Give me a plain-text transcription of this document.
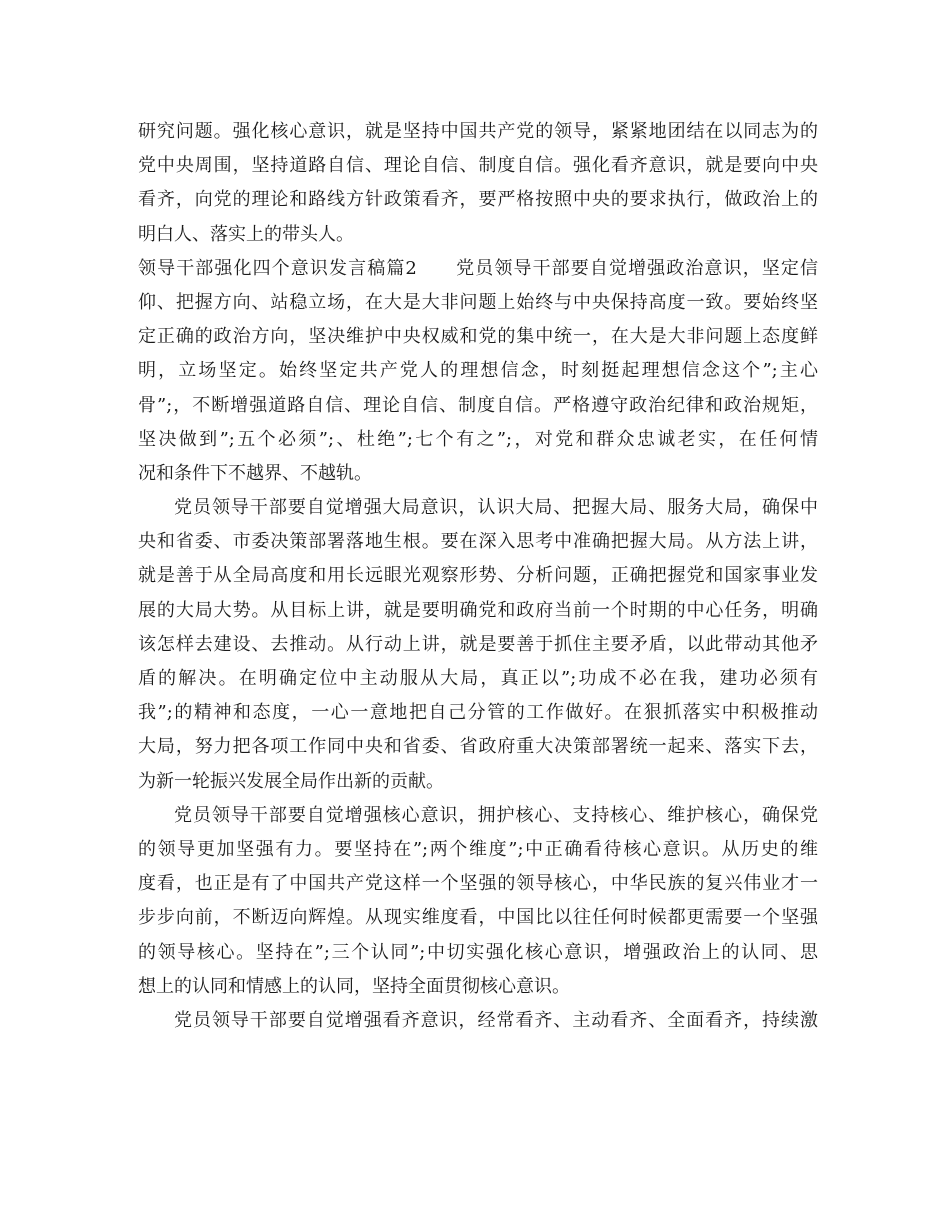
研究问题。强化核心意识，就是坚持中国共产党的领导，紧紧地团结在以同志为的
党中央周围，坚持道路自信、理论自信、制度自信。强化看齐意识，就是要向中央
看齐，向党的理论和路线方针政策看齐，要严格按照中央的要求执行，做政治上的
明白人、落实上的带头人。
领导干部强化四个意识发言稿篇2　　党员领导干部要自觉增强政治意识，坚定信
仰、把握方向、站稳立场，在大是大非问题上始终与中央保持高度一致。要始终坚
定正确的政治方向，坚决维护中央权威和党的集中统一，在大是大非问题上态度鲜
明，立场坚定。始终坚定共产党人的理想信念，时刻挺起理想信念这个”;主心
骨”;，不断增强道路自信、理论自信、制度自信。严格遵守政治纪律和政治规矩，
坚决做到”;五个必须”;、杜绝”;七个有之”;，对党和群众忠诚老实，在任何情
况和条件下不越界、不越轨。
党员领导干部要自觉增强大局意识，认识大局、把握大局、服务大局，确保中
央和省委、市委决策部署落地生根。要在深入思考中准确把握大局。从方法上讲，
就是善于从全局高度和用长远眼光观察形势、分析问题，正确把握党和国家事业发
展的大局大势。从目标上讲，就是要明确党和政府当前一个时期的中心任务，明确
该怎样去建设、去推动。从行动上讲，就是要善于抓住主要矛盾，以此带动其他矛
盾的解决。在明确定位中主动服从大局，真正以”;功成不必在我，建功必须有
我”;的精神和态度，一心一意地把自己分管的工作做好。在狠抓落实中积极推动
大局，努力把各项工作同中央和省委、省政府重大决策部署统一起来、落实下去，
为新一轮振兴发展全局作出新的贡献。
党员领导干部要自觉增强核心意识，拥护核心、支持核心、维护核心，确保党
的领导更加坚强有力。要坚持在”;两个维度”;中正确看待核心意识。从历史的维
度看，也正是有了中国共产党这样一个坚强的领导核心，中华民族的复兴伟业才一
步步向前，不断迈向辉煌。从现实维度看，中国比以往任何时候都更需要一个坚强
的领导核心。坚持在”;三个认同”;中切实强化核心意识，增强政治上的认同、思
想上的认同和情感上的认同，坚持全面贯彻核心意识。
党员领导干部要自觉增强看齐意识，经常看齐、主动看齐、全面看齐，持续激
